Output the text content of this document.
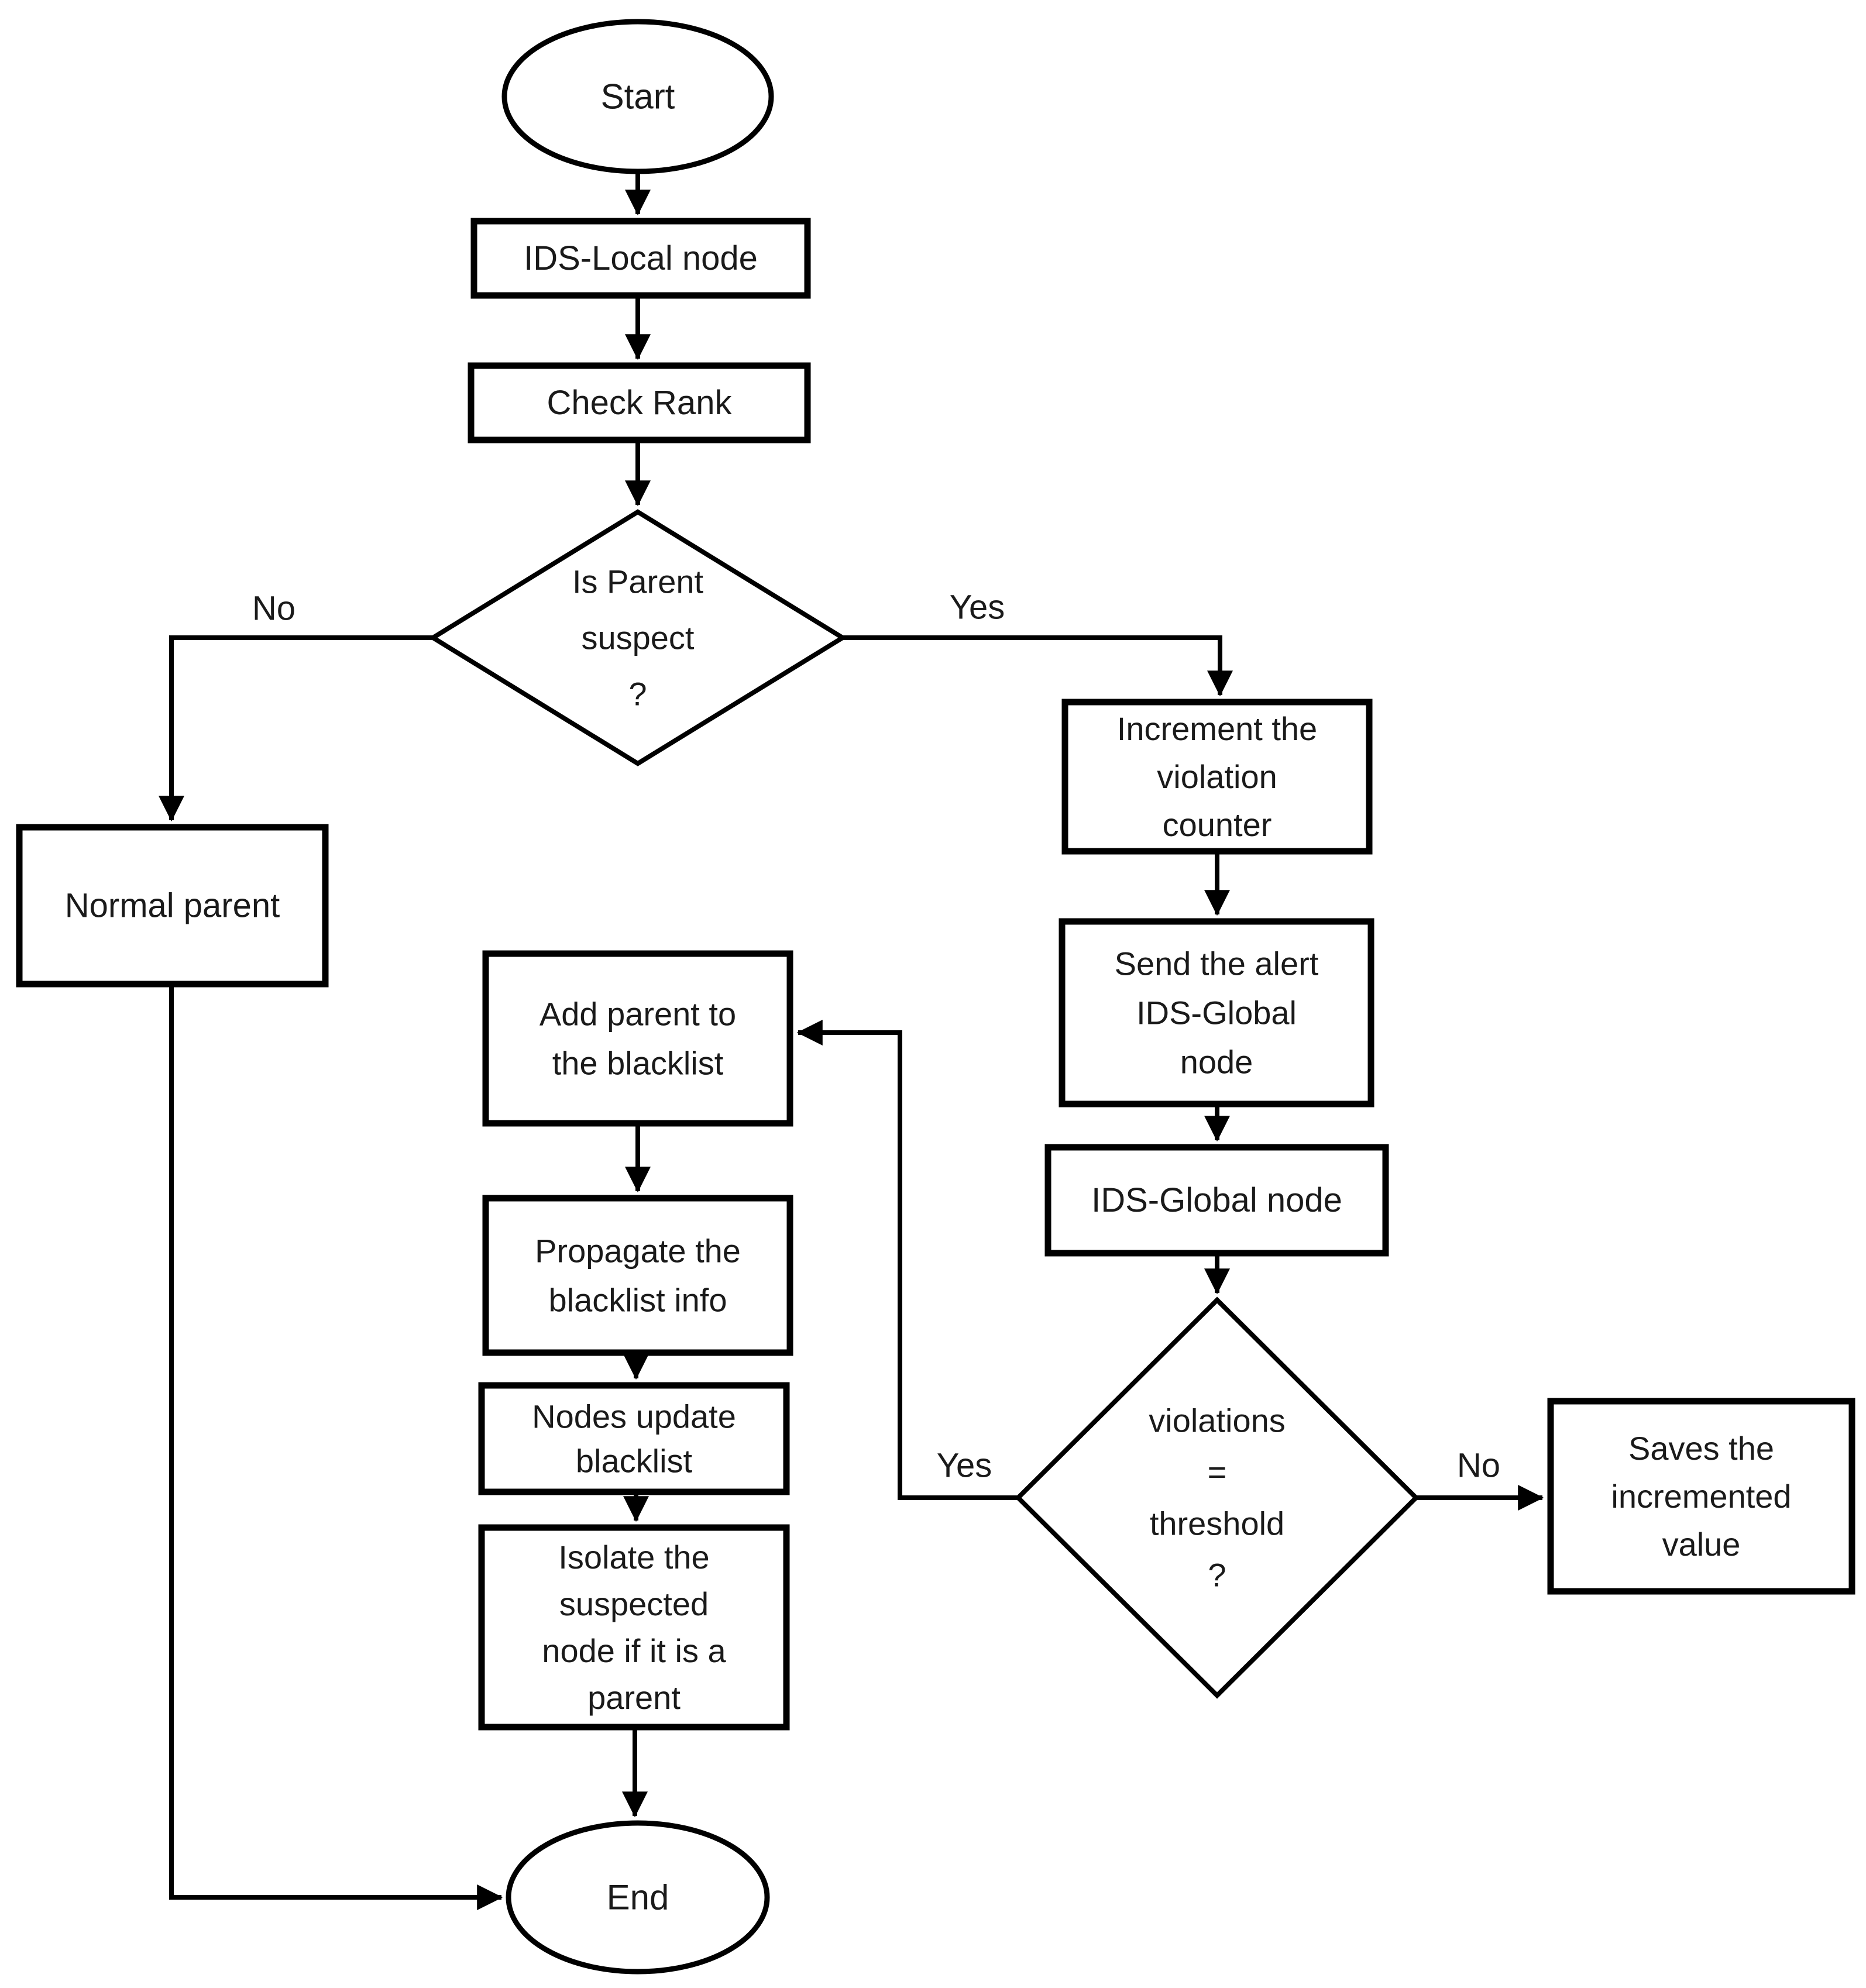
No	Yes
No
Yes
Start
IDS-Local node
Check Rank
Is Parent
suspect
?
Normal parent
Increment the
violation
counter
Send the alert
IDS-Global
node
IDS-Global node
violations
=
threshold
?
Saves the
incremented
value
Add parent to
the blacklist
Propagate the
blacklist info
Nodes update
blacklist
Isolate the
suspected
node if it is a
parent
End
